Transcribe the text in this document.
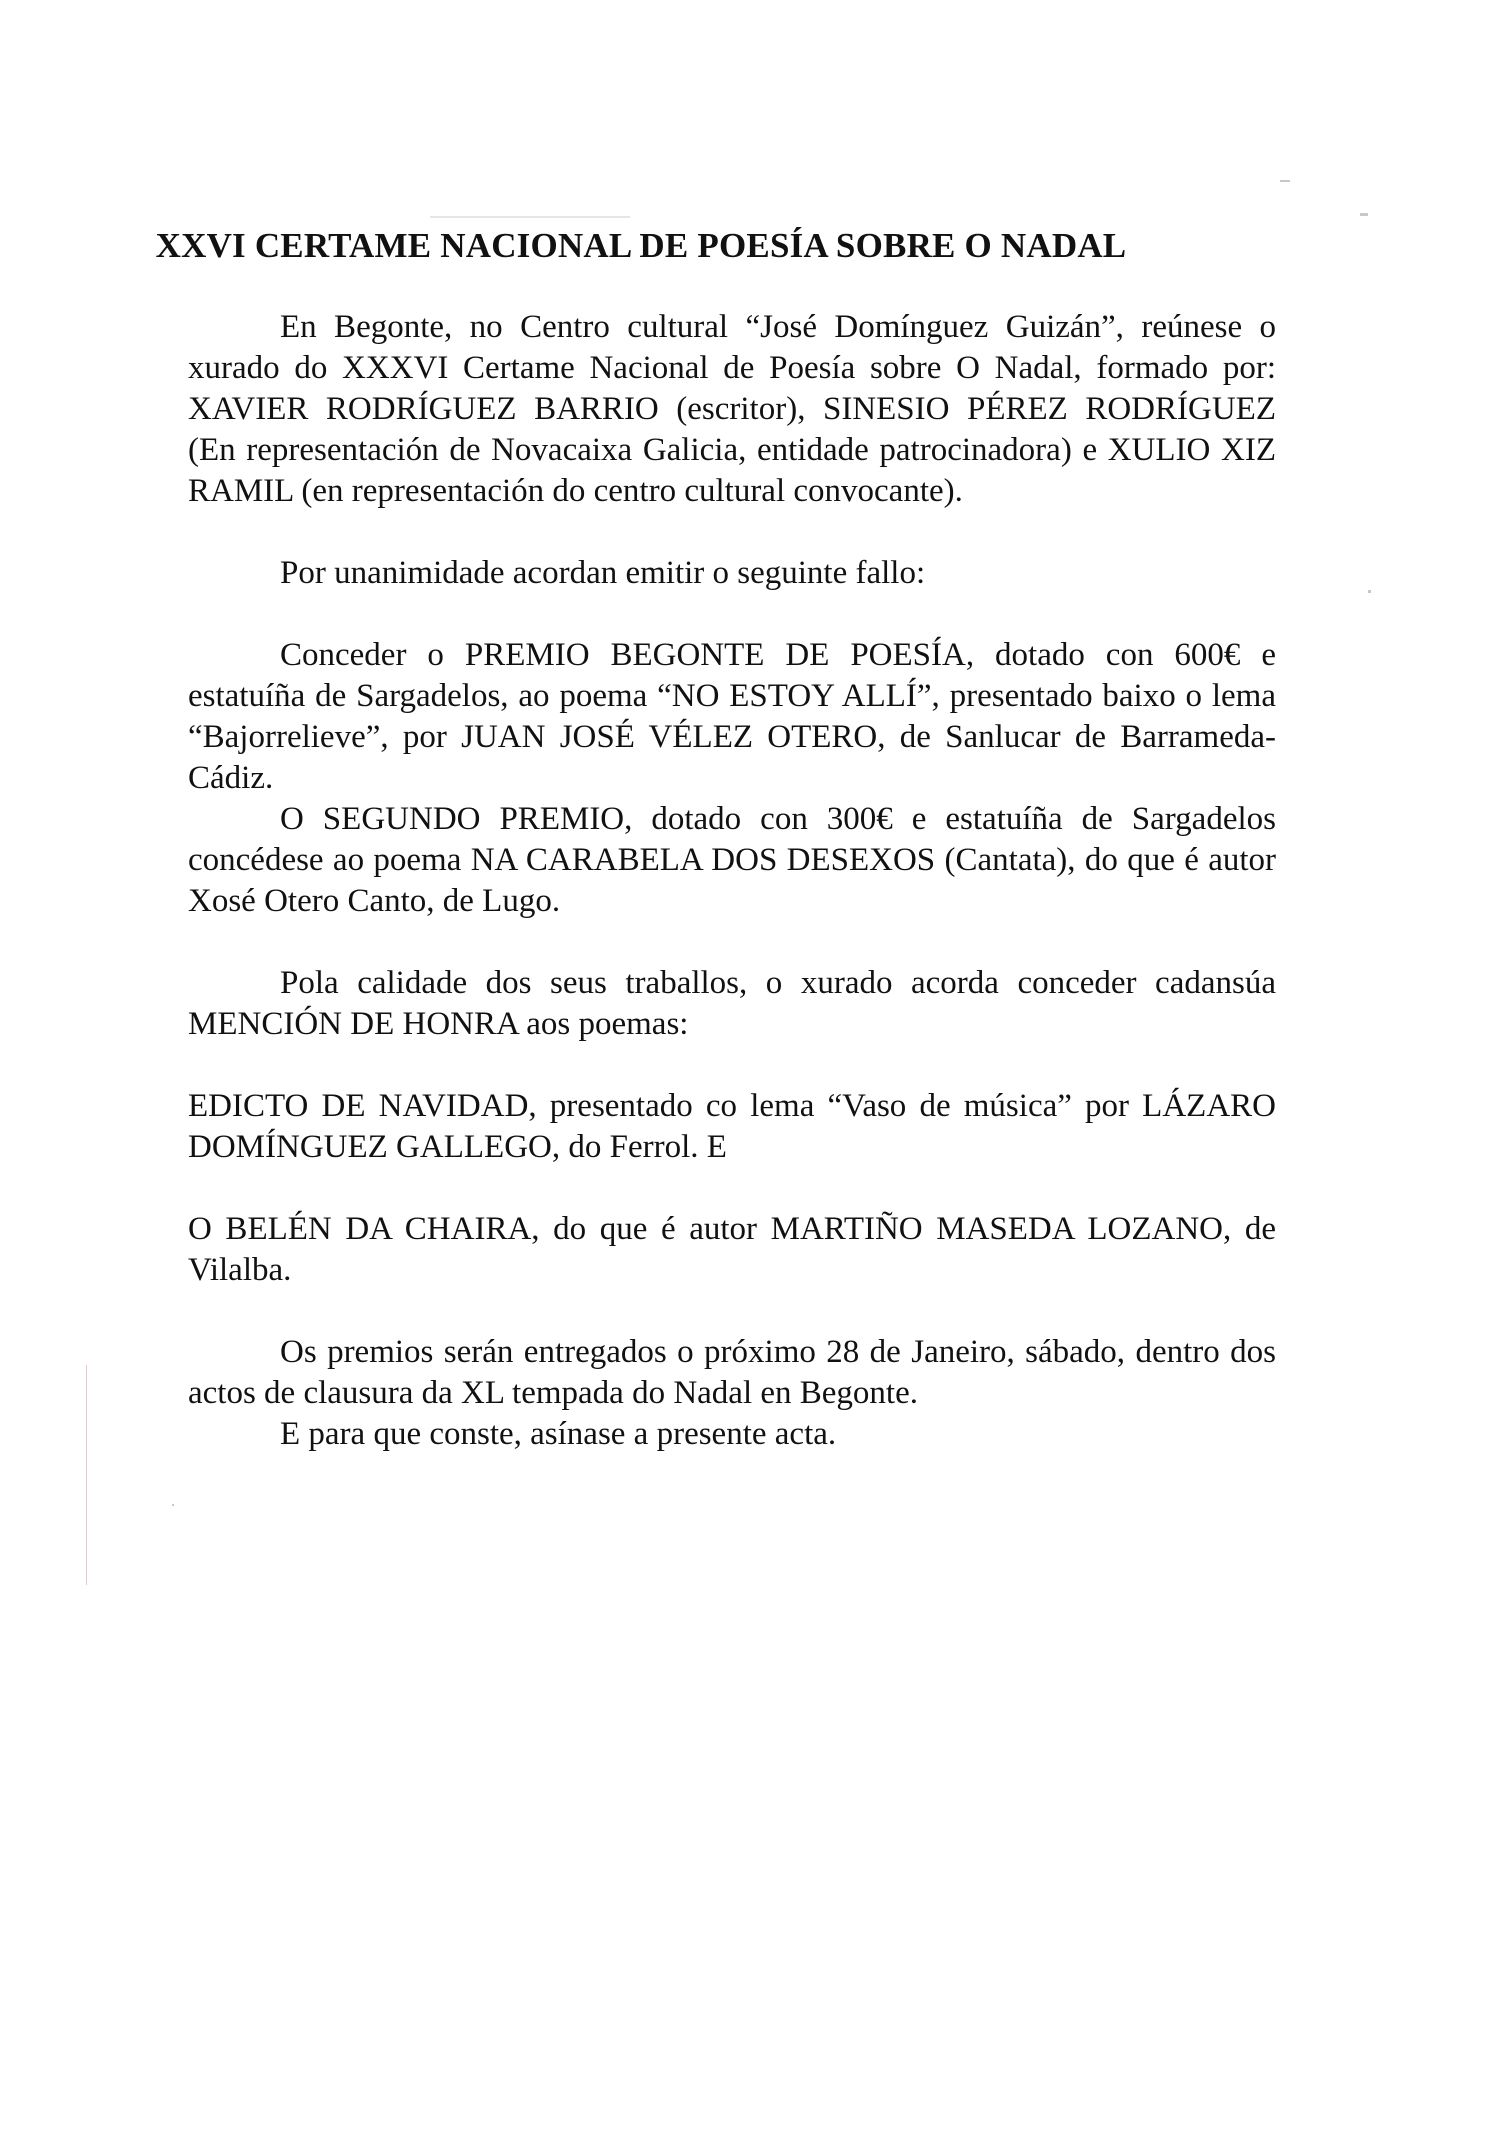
XXVI CERTAME NACIONAL DE POESÍA SOBRE O NADAL

En Begonte, no Centro cultural “José Domínguez Guizán”, reúnese o xurado do XXXVI Certame Nacional de Poesía sobre O Nadal, formado por: XAVIER RODRÍGUEZ BARRIO (escritor), SINESIO PÉREZ RODRÍGUEZ (En representación de Novacaixa Galicia, entidade patrocinadora) e XULIO XIZ RAMIL (en representación do centro cultural convocante).

Por unanimidade acordan emitir o seguinte fallo:

Conceder o PREMIO BEGONTE DE POESÍA, dotado con 600€ e estatuíña de Sargadelos, ao poema “NO ESTOY ALLÍ”, presentado baixo o lema “Bajorrelieve”, por JUAN JOSÉ VÉLEZ OTERO, de Sanlucar de Barrameda-Cádiz.

O SEGUNDO PREMIO, dotado con 300€ e estatuíña de Sargadelos concédese ao poema NA CARABELA DOS DESEXOS (Cantata), do que é autor Xosé Otero Canto, de Lugo.

Pola calidade dos seus traballos, o xurado acorda conceder cadansúa MENCIÓN DE HONRA aos poemas:

EDICTO DE NAVIDAD, presentado co lema “Vaso de música” por LÁZARO DOMÍNGUEZ GALLEGO, do Ferrol. E

O BELÉN DA CHAIRA, do que é autor MARTIÑO MASEDA LOZANO, de Vilalba.

Os premios serán entregados o próximo 28 de Janeiro, sábado, dentro dos actos de clausura da XL tempada do Nadal en Begonte.

E para que conste, asínase a presente acta.
